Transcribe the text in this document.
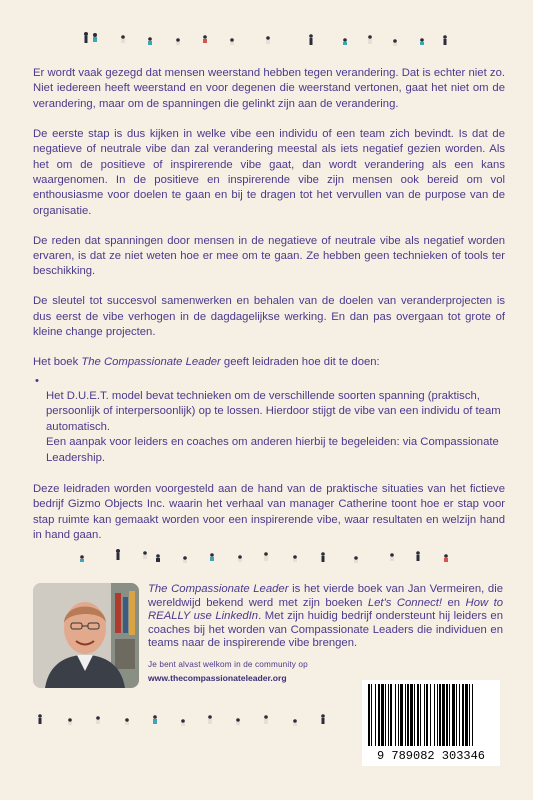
Er wordt vaak gezegd dat mensen weerstand hebben tegen verandering. Dat is echter niet zo. Niet iedereen heeft weerstand en voor degenen die weerstand vertonen, gaat het niet om de verandering, maar om de spanningen die gelinkt zijn aan de verandering.

De eerste stap is dus kijken in welke vibe een individu of een team zich bevindt. Is dat de negatieve of neutrale vibe dan zal verandering meestal als iets negatief gezien worden. Als het om de positieve of inspirerende vibe gaat, dan wordt verandering als een kans waargenomen. In de positieve en inspirerende vibe zijn mensen ook bereid om vol enthousiasme voor doelen te gaan en bij te dragen tot het vervullen van de purpose van de organisatie.

De reden dat spanningen door mensen in de negatieve of neutrale vibe als negatief worden ervaren, is dat ze niet weten hoe er mee om te gaan. Ze hebben geen technieken of tools ter beschikking.

De sleutel tot succesvol samenwerken en behalen van de doelen van veranderprojecten is dus eerst de vibe verhogen in de dagdagelijkse werking. En dan pas overgaan tot grote of kleine change projecten.

Het boek The Compassionate Leader geeft leidraden hoe dit te doen:

•

Het D.U.E.T. model bevat technieken om de verschillende soorten spanning (praktisch, persoonlijk of interpersoonlijk) op te lossen. Hierdoor stijgt de vibe van een individu of team automatisch.
Een aanpak voor leiders en coaches om anderen hierbij te begeleiden: via Compassionate Leadership.

Deze leidraden worden voorgesteld aan de hand van de praktische situaties van het fictieve bedrijf Gizmo Objects Inc. waarin het verhaal van manager Catherine toont hoe er stap voor stap ruimte kan gemaakt worden voor een inspirerende vibe, waar resultaten en welzijn hand in hand gaan.

The Compassionate Leader is het vierde boek van Jan Vermeiren, die wereldwijd bekend werd met zijn boeken Let's Connect! en How to REALLY use LinkedIn. Met zijn huidig bedrijf ondersteunt hij leiders en coaches bij het worden van Compassionate Leaders die individuen en teams naar de inspirerende vibe brengen.
Je bent alvast welkom in de community op
www.thecompassionateleader.org
9 789082 303346
